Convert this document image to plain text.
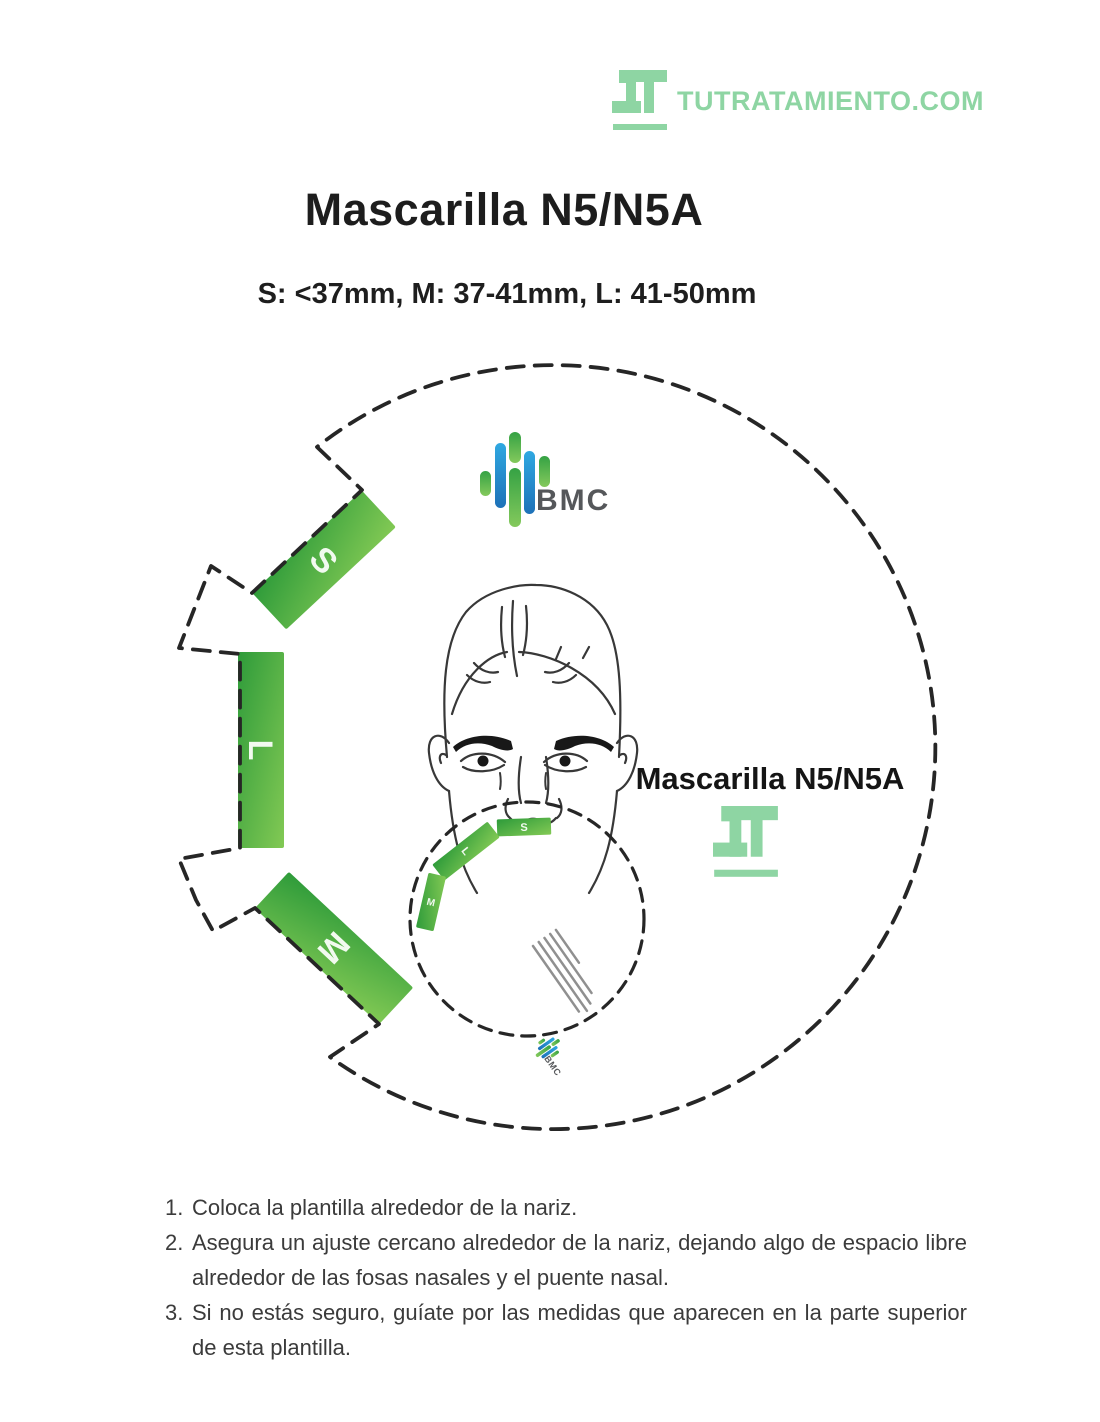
TUTRATAMIENTO.COM
Mascarilla N5/N5A
S: <37mm, M: 37-41mm, L: 41-50mm
S
L
M
BMC
S
L
M
Mascarilla N5/N5A
1. Coloca la plantilla alrededor de la nariz.
2. Asegura un ajuste cercano alrededor de la nariz, dejando algo de espacio libre alrededor de las fosas nasales y el puente nasal.
3. Si no estás seguro, guíate por las medidas que aparecen en la parte superior de esta plantilla.
